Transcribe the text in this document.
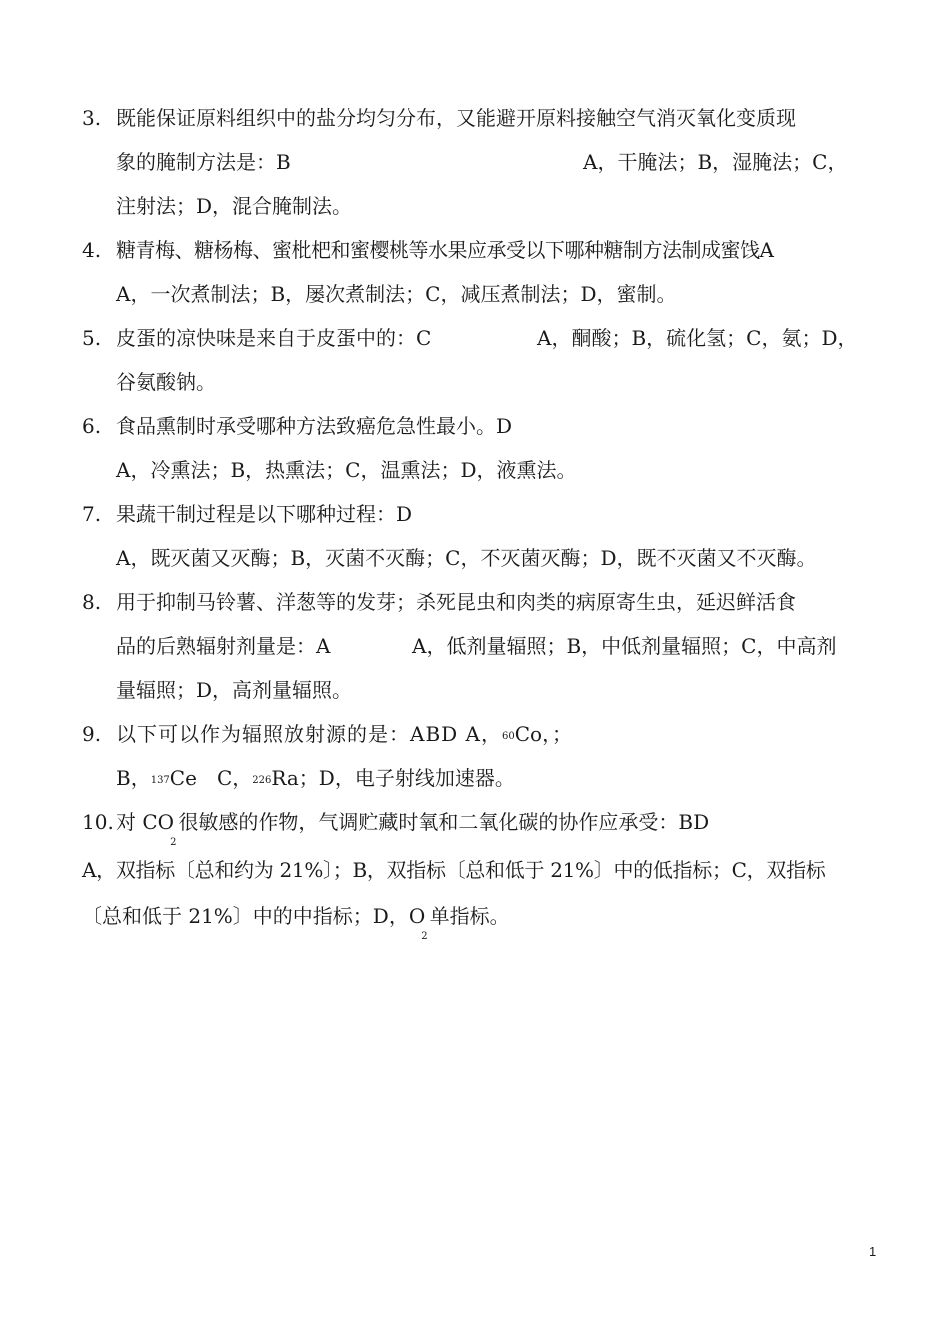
3. 既能保证原料组织中的盐分均匀分布，又能避开原料接触空气消灭氧化变质现
象的腌制方法是：B	A，干腌法；B，湿腌法；C，
注射法；D，混合腌制法。
4. 糖青梅、糖杨梅、蜜枇杷和蜜樱桃等水果应承受以下哪种糖制方法制成蜜饯A
A，一次煮制法；B，屡次煮制法；C，减压煮制法；D，蜜制。
5. 皮蛋的凉快味是来自于皮蛋中的：C	A，酮酸；B，硫化氢；C，氨；D，
谷氨酸钠。
6. 食品熏制时承受哪种方法致癌危急性最小。D
A，冷熏法；B，热熏法；C，温熏法；D，液熏法。
7. 果蔬干制过程是以下哪种过程：D
A，既灭菌又灭酶；B，灭菌不灭酶；C，不灭菌灭酶；D，既不灭菌又不灭酶。
8. 用于抑制马铃薯、洋葱等的发芽；杀死昆虫和肉类的病原寄生虫，延迟鲜活食
品的后熟辐射剂量是：A	A，低剂量辐照；B，中低剂量辐照；C，中高剂
量辐照；D，高剂量辐照。
9. 以下可以作为辐照放射源的是：ABD A，60Co，；
B，137Ce C，226Ra；D，电子射线加速器。
10. 对 $CO_2$很敏感的作物，气调贮藏时氧和二氧化碳的协作应承受：BD
A，双指标〔总和约为 21%〕；B，双指标〔总和低于 21%〕中的低指标；C，双指标
〔总和低于 21%〕中的中指标；D，$O_2$单指标。
1
